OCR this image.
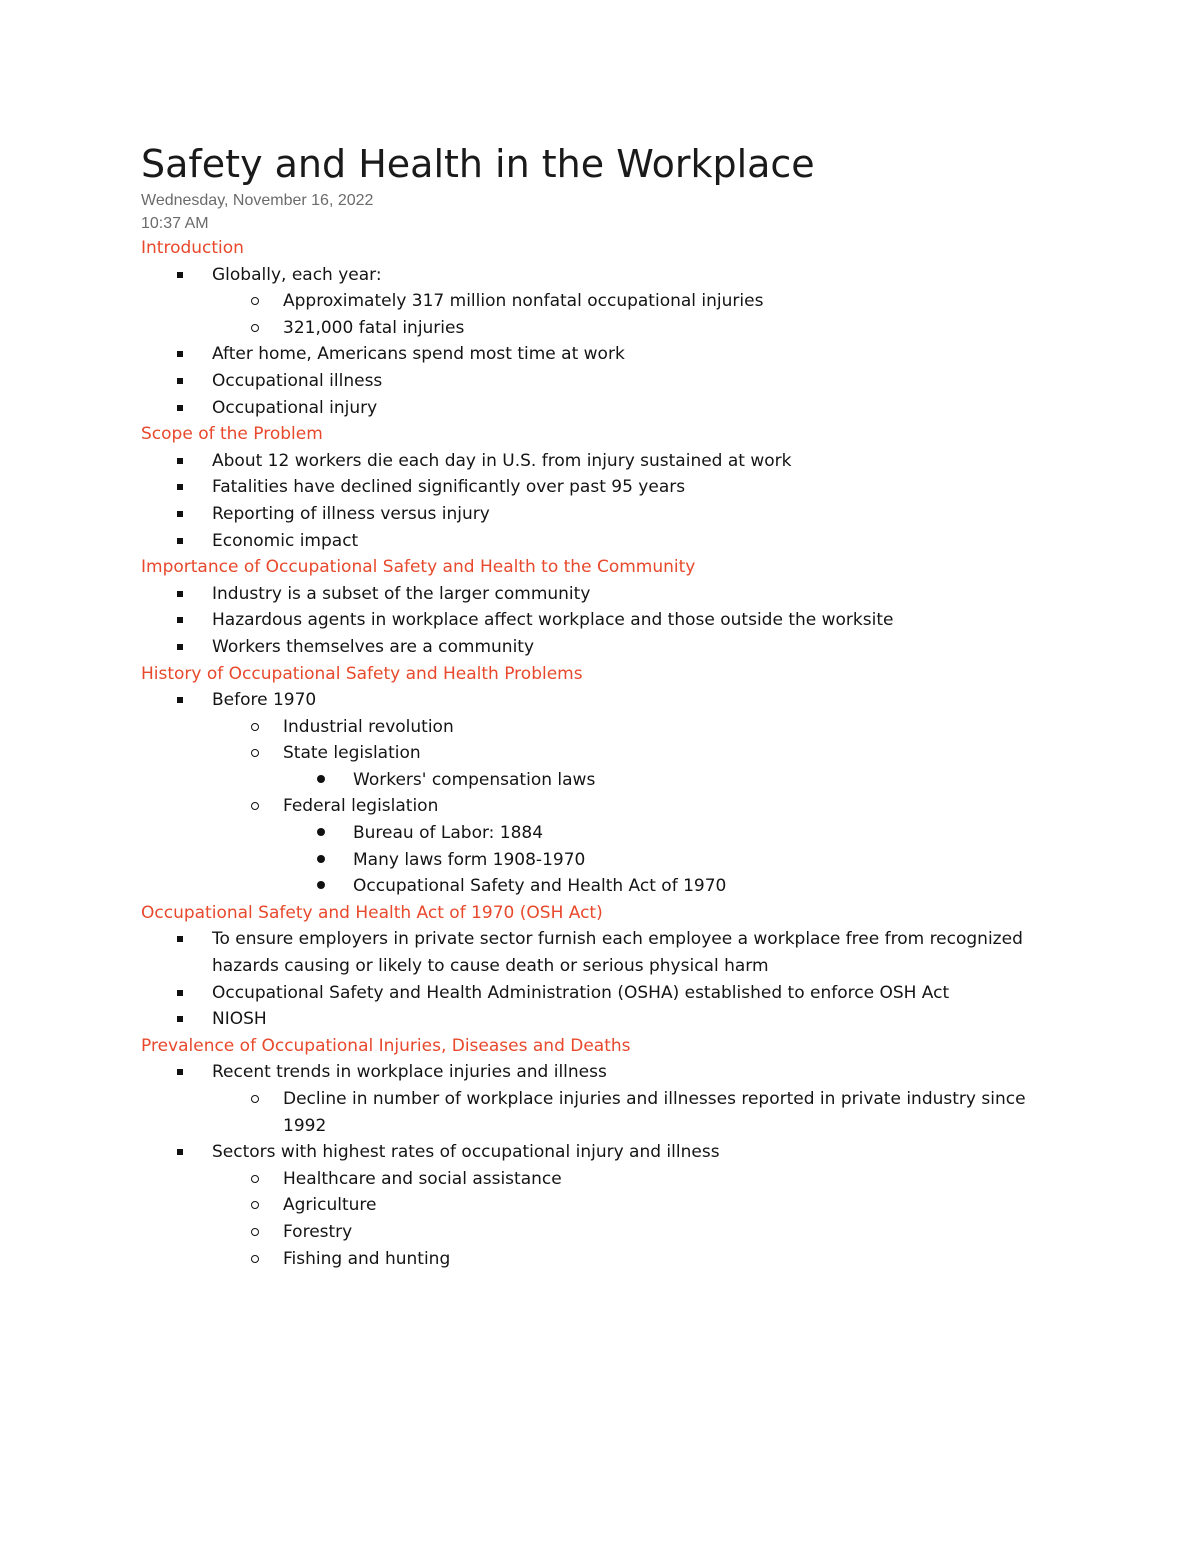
Safety and Health in the Workplace
Wednesday, November 16, 2022
10:37 AM
Introduction
Globally, each year:
Approximately 317 million nonfatal occupational injuries
321,000 fatal injuries
After home, Americans spend most time at work
Occupational illness
Occupational injury
Scope of the Problem
About 12 workers die each day in U.S. from injury sustained at work
Fatalities have declined significantly over past 95 years
Reporting of illness versus injury
Economic impact
Importance of Occupational Safety and Health to the Community
Industry is a subset of the larger community
Hazardous agents in workplace affect workplace and those outside the worksite
Workers themselves are a community
History of Occupational Safety and Health Problems
Before 1970
Industrial revolution
State legislation
Workers' compensation laws
Federal legislation
Bureau of Labor: 1884
Many laws form 1908-1970
Occupational Safety and Health Act of 1970
Occupational Safety and Health Act of 1970 (OSH Act)
To ensure employers in private sector furnish each employee a workplace free from recognized hazards causing or likely to cause death or serious physical harm
Occupational Safety and Health Administration (OSHA) established to enforce OSH Act
NIOSH
Prevalence of Occupational Injuries, Diseases and Deaths
Recent trends in workplace injuries and illness
Decline in number of workplace injuries and illnesses reported in private industry since 1992
Sectors with highest rates of occupational injury and illness
Healthcare and social assistance
Agriculture
Forestry
Fishing and hunting
